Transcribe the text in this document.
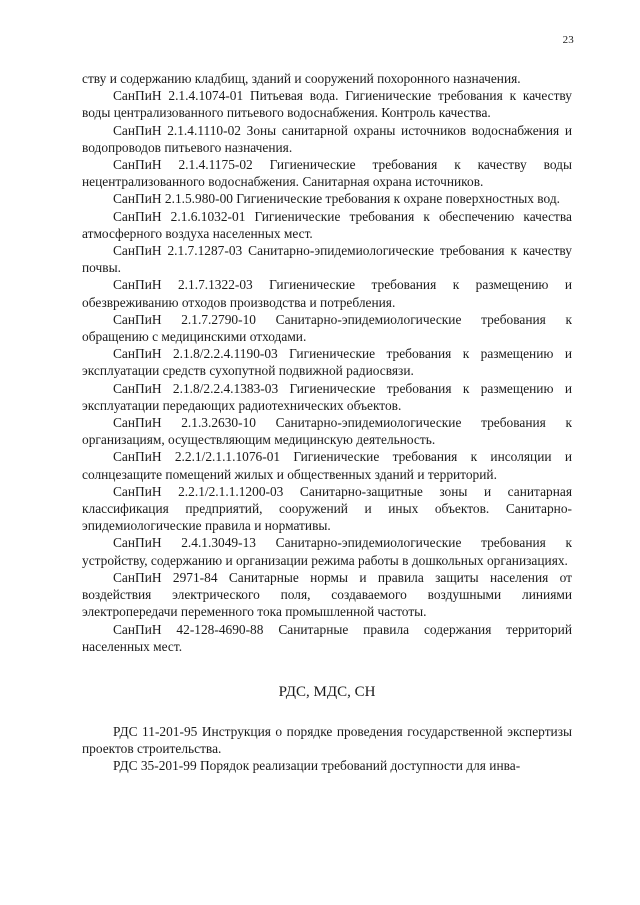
23

ству и содержанию кладбищ, зданий и сооружений похоронного назначения.

СанПиН 2.1.4.1074-01 Питьевая вода. Гигиенические требования к качеству воды централизованного питьевого водоснабжения. Контроль качества.

СанПиН 2.1.4.1110-02 Зоны санитарной охраны источников водоснабжения и водопроводов питьевого назначения.

СанПиН 2.1.4.1175-02 Гигиенические требования к качеству воды нецентрализованного водоснабжения. Санитарная охрана источников.

СанПиН 2.1.5.980-00 Гигиенические требования к охране поверхностных вод.

СанПиН 2.1.6.1032-01 Гигиенические требования к обеспечению качества атмосферного воздуха населенных мест.

СанПиН 2.1.7.1287-03 Санитарно-эпидемиологические требования к качеству почвы.

СанПиН 2.1.7.1322-03 Гигиенические требования к размещению и обезвреживанию отходов производства и потребления.

СанПиН 2.1.7.2790-10 Санитарно-эпидемиологические требования к обращению с медицинскими отходами.

СанПиН 2.1.8/2.2.4.1190-03 Гигиенические требования к размещению и эксплуатации средств сухопутной подвижной радиосвязи.

СанПиН 2.1.8/2.2.4.1383-03 Гигиенические требования к размещению и эксплуатации передающих радиотехнических объектов.

СанПиН 2.1.3.2630-10 Санитарно-эпидемиологические требования к организациям, осуществляющим медицинскую деятельность.

СанПиН 2.2.1/2.1.1.1076-01 Гигиенические требования к инсоляции и солнцезащите помещений жилых и общественных зданий и территорий.

СанПиН 2.2.1/2.1.1.1200-03 Санитарно-защитные зоны и санитарная классификация предприятий, сооружений и иных объектов. Санитарно-эпидемиологические правила и нормативы.

СанПиН 2.4.1.3049-13 Санитарно-эпидемиологические требования к устройству, содержанию и организации режима работы в дошкольных организациях.

СанПиН 2971-84 Санитарные нормы и правила защиты населения от воздействия электрического поля, создаваемого воздушными линиями электропередачи переменного тока промышленной частоты.

СанПиН 42-128-4690-88 Санитарные правила содержания территорий населенных мест.

РДС, МДС, СН

РДС 11-201-95 Инструкция о порядке проведения государственной экспертизы проектов строительства.

РДС 35-201-99 Порядок реализации требований доступности для инва-
